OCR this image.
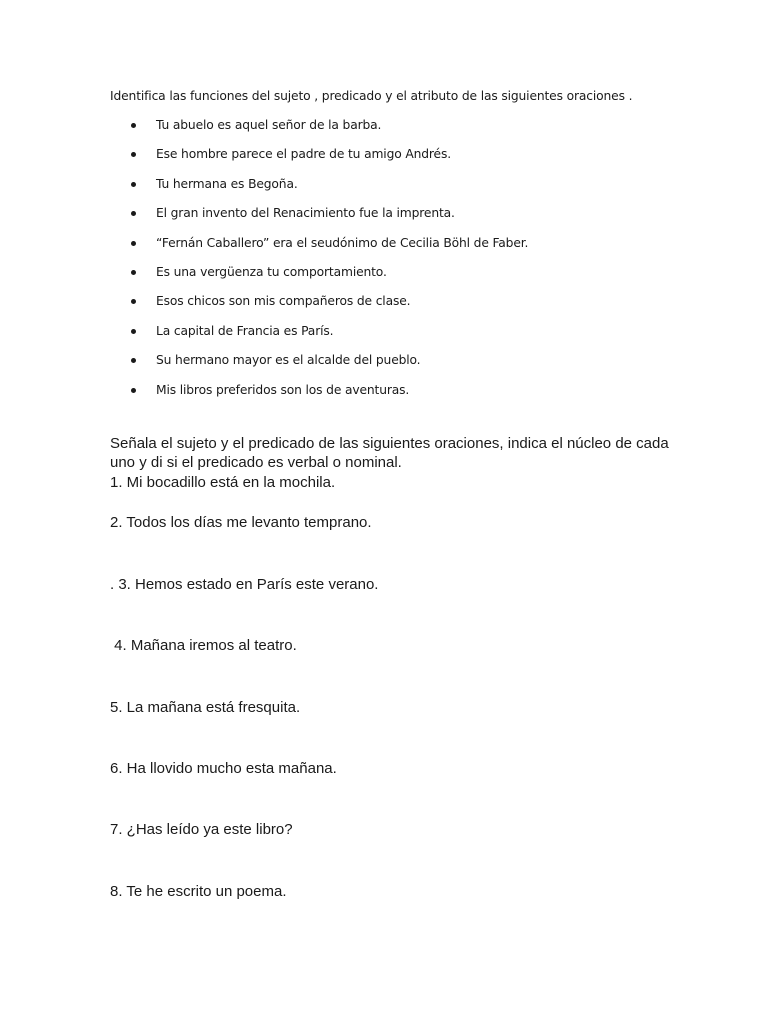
Identifica las funciones del sujeto , predicado y el atributo de las siguientes oraciones .
Tu abuelo es aquel señor de la barba.
Ese hombre parece el padre de tu amigo Andrés.
Tu hermana es Begoña.
El gran invento del Renacimiento fue la imprenta.
“Fernán Caballero” era el seudónimo de Cecilia Böhl de Faber.
Es una vergüenza tu comportamiento.
Esos chicos son mis compañeros de clase.
La capital de Francia es París.
Su hermano mayor es el alcalde del pueblo.
Mis libros preferidos son los de aventuras.
Señala el sujeto y el predicado de las siguientes oraciones, indica el núcleo de cada uno y di si el predicado es verbal o nominal.
1. Mi bocadillo está en la mochila.
2. Todos los días me levanto temprano.
. 3. Hemos estado en París este verano.
4. Mañana iremos al teatro.
5. La mañana está fresquita.
6. Ha llovido mucho esta mañana.
7. ¿Has leído ya este libro?
8. Te he escrito un poema.
